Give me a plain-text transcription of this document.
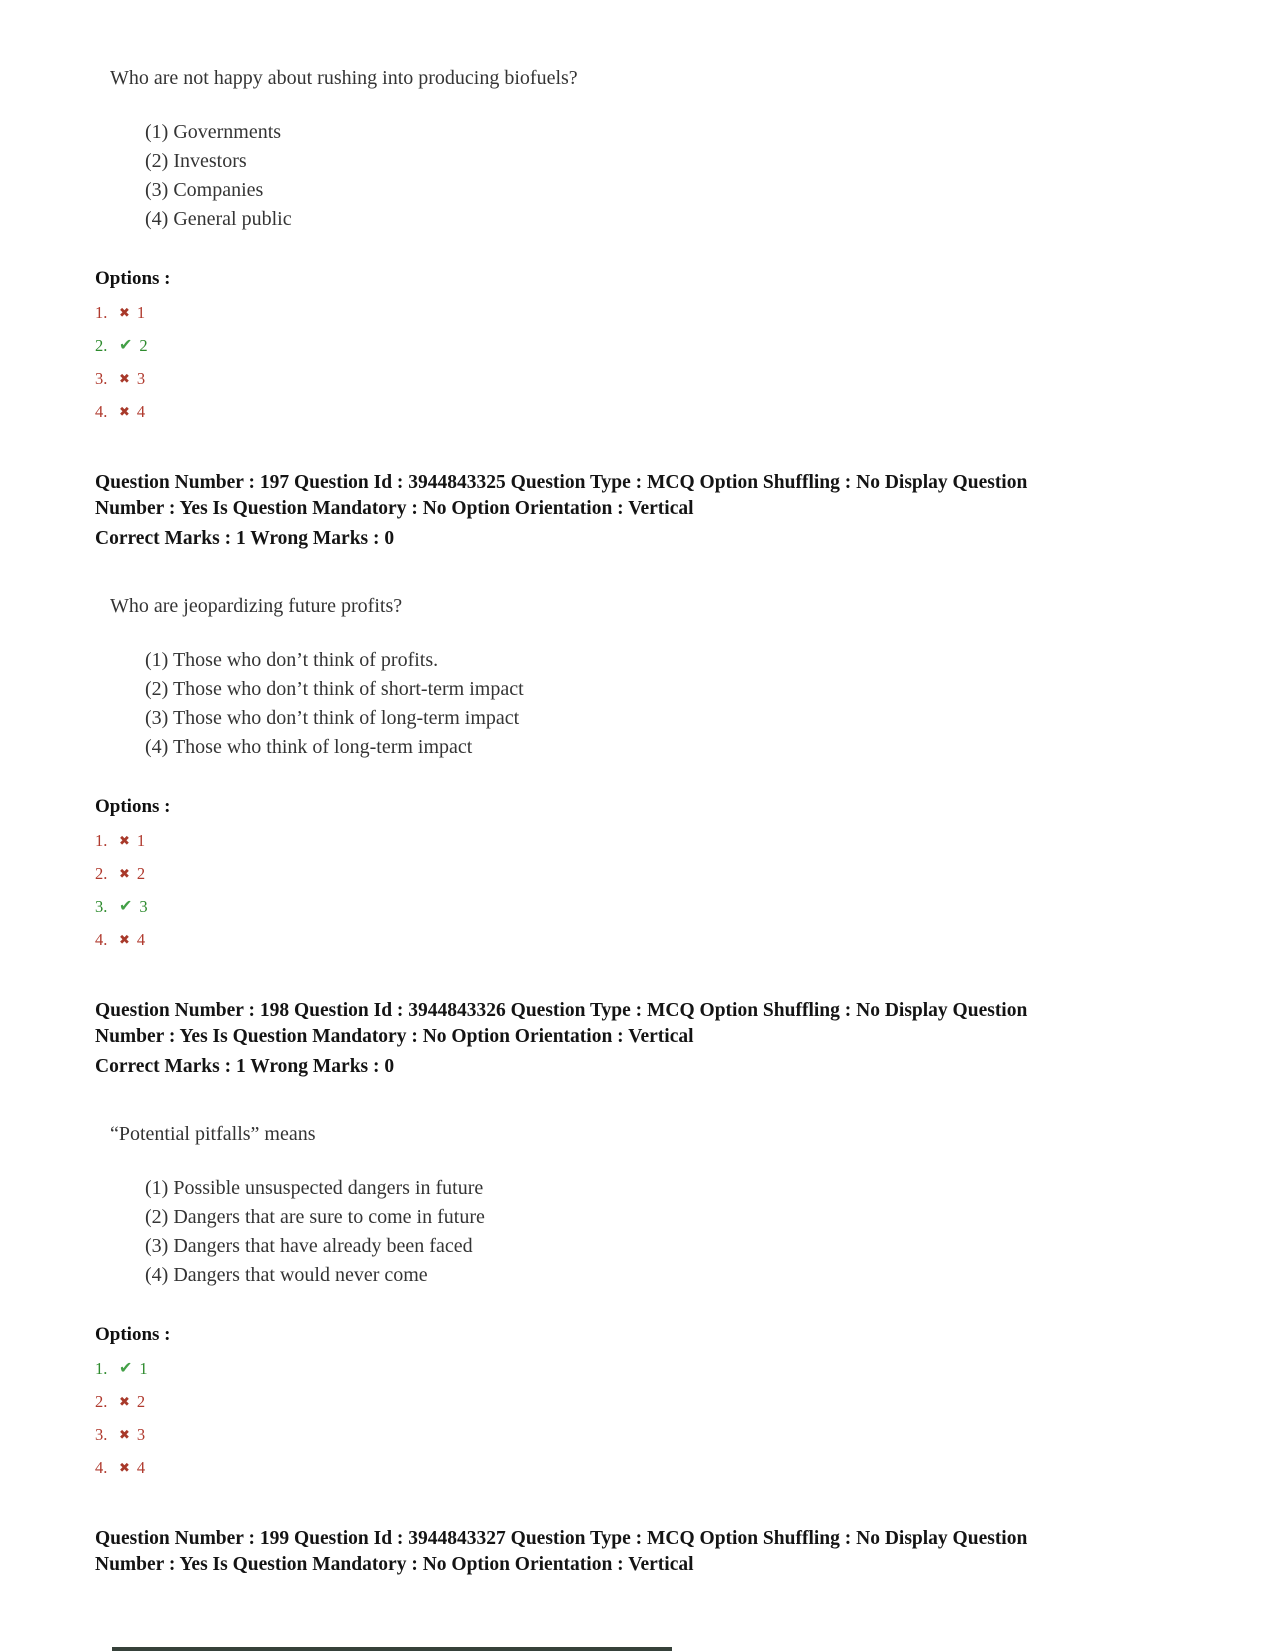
Who are not happy about rushing into producing biofuels?

(1) Governments

(2) Investors

(3) Companies

(4) General public

Options :

1. ✖ 1
2. ✔ 2
3. ✖ 3
4. ✖ 4

Question Number : 197 Question Id : 3944843325 Question Type : MCQ Option Shuffling : No Display Question Number : Yes Is Question Mandatory : No Option Orientation : Vertical

Correct Marks : 1 Wrong Marks : 0

Who are jeopardizing future profits?

(1) Those who don’t think of profits.

(2) Those who don’t think of short-term impact

(3) Those who don’t think of long-term impact

(4) Those who think of long-term impact

Options :

1. ✖ 1
2. ✖ 2
3. ✔ 3
4. ✖ 4

Question Number : 198 Question Id : 3944843326 Question Type : MCQ Option Shuffling : No Display Question Number : Yes Is Question Mandatory : No Option Orientation : Vertical

Correct Marks : 1 Wrong Marks : 0

“Potential pitfalls” means

(1) Possible unsuspected dangers in future

(2) Dangers that are sure to come in future

(3) Dangers that have already been faced

(4) Dangers that would never come

Options :

1. ✔ 1
2. ✖ 2
3. ✖ 3
4. ✖ 4

Question Number : 199 Question Id : 3944843327 Question Type : MCQ Option Shuffling : No Display Question Number : Yes Is Question Mandatory : No Option Orientation : Vertical
